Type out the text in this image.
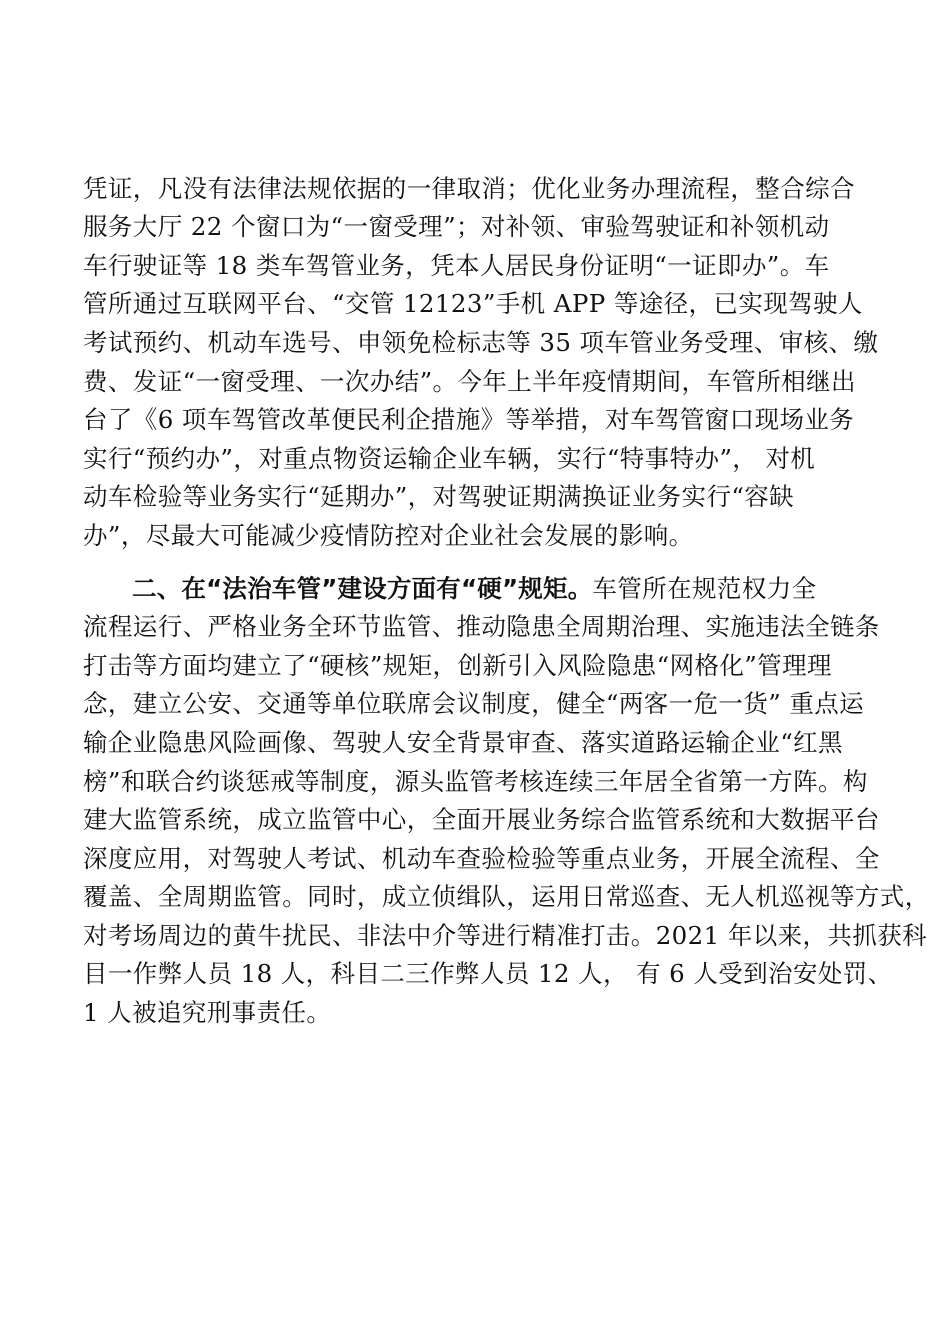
凭证，凡没有法律法规依据的一律取消；优化业务办理流程，整合综合
服务大厅 22 个窗口为“一窗受理”；对补领、审验驾驶证和补领机动
车行驶证等 18 类车驾管业务，凭本人居民身份证明“一证即办”。车
管所通过互联网平台、“交管 12123”手机 APP 等途径，已实现驾驶人
考试预约、机动车选号、申领免检标志等 35 项车管业务受理、审核、缴
费、发证“一窗受理、一次办结”。今年上半年疫情期间，车管所相继出
台了《6 项车驾管改革便民利企措施》等举措，对车驾管窗口现场业务
实行“预约办”，对重点物资运输企业车辆，实行“特事特办”， 对机
动车检验等业务实行“延期办”，对驾驶证期满换证业务实行“容缺
办”，尽最大可能减少疫情防控对企业社会发展的影响。
二、在“法治车管”建设方面有“硬”规矩。车管所在规范权力全
流程运行、严格业务全环节监管、推动隐患全周期治理、实施违法全链条
打击等方面均建立了“硬核”规矩，创新引入风险隐患“网格化”管理理
念，建立公安、交通等单位联席会议制度，健全“两客一危一货” 重点运
输企业隐患风险画像、驾驶人安全背景审查、落实道路运输企业“红黑
榜”和联合约谈惩戒等制度，源头监管考核连续三年居全省第一方阵。构
建大监管系统，成立监管中心，全面开展业务综合监管系统和大数据平台
深度应用，对驾驶人考试、机动车查验检验等重点业务，开展全流程、全
覆盖、全周期监管。同时，成立侦缉队，运用日常巡查、无人机巡视等方式，
对考场周边的黄牛扰民、非法中介等进行精准打击。2021 年以来，共抓获科
目一作弊人员 18 人，科目二三作弊人员 12 人， 有 6 人受到治安处罚、
1 人被追究刑事责任。
